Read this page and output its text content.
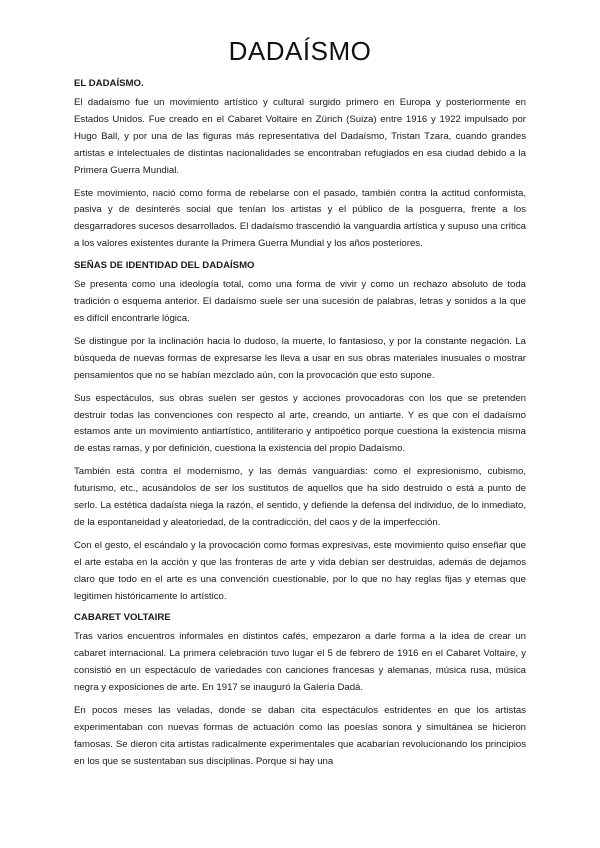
DADAÍSMO
EL DADAÍSMO.

El dadaísmo fue un movimiento artístico y cultural surgido primero en Europa y posteriormente en Estados Unidos. Fue creado en el Cabaret Voltaire en Zürich (Suiza) entre 1916 y 1922 impulsado por Hugo Ball, y por una de las figuras más representativa del Dadaísmo, Tristan Tzara, cuando grandes artistas e intelectuales de distintas nacionalidades se encontraban refugiados en esa ciudad debido a la Primera Guerra Mundial.

Este movimiento, nació como forma de rebelarse con el pasado, también contra la actitud conformista, pasiva y de desinterés social que tenían los artistas y el público de la posguerra, frente a los desgarradores sucesos desarrollados. El dadaísmo trascendió la vanguardia artística y supuso una crítica a los valores existentes durante la Primera Guerra Mundial y los años posteriores.

SEÑAS DE IDENTIDAD DEL DADAÍSMO

Se presenta como una ideología total, como una forma de vivir y como un rechazo absoluto de toda tradición o esquema anterior. El dadaísmo suele ser una sucesión de palabras, letras y sonidos a la que es difícil encontrarle lógica.

Se distingue por la inclinación hacia lo dudoso, la muerte, lo fantasioso, y por la constante negación. La búsqueda de nuevas formas de expresarse les lleva a usar en sus obras materiales inusuales o mostrar pensamientos que no se habían mezclado aún, con la provocación que esto supone.

Sus espectáculos, sus obras suelen ser gestos y acciones provocadoras con los que se pretenden destruir todas las convenciones con respecto al arte, creando, un antiarte. Y es que con el dadaísmo estamos ante un movimiento antiartístico, antiliterario y antipoético porque cuestiona la existencia misma de estas ramas, y por definición, cuestiona la existencia del propio Dadaísmo.

También está contra el modernismo, y las demás vanguardias: como el expresionismo, cubismo, futurismo, etc., acusándolos de ser los sustitutos de aquellos que ha sido destruido o está a punto de serlo. La estética dadaísta niega la razón, el sentido, y defiende la defensa del individuo, de lo inmediato, de la espontaneidad y aleatoriedad, de la contradicción, del caos y de la imperfección.

Con el gesto, el escándalo y la provocación como formas expresivas, este movimiento quiso enseñar que el arte estaba en la acción y que las fronteras de arte y vida debían ser destruidas, además de dejamos claro que todo en el arte es una convención cuestionable, por lo que no hay reglas fijas y eternas que legitimen históricamente lo artístico.

CABARET VOLTAIRE

Tras varios encuentros informales en distintos cafés, empezaron a darle forma a la idea de crear un cabaret internacional. La primera celebración tuvo lugar el 5 de febrero de 1916 en el Cabaret Voltaire, y consistió en un espectáculo de variedades con canciones francesas y alemanas, música rusa, música negra y exposiciones de arte. En 1917 se inauguró la Galería Dadá.

En pocos meses las veladas, donde se daban cita espectáculos estridentes en que los artistas experimentaban con nuevas formas de actuación como las poesías sonora y simultánea se hicieron famosas. Se dieron cita artistas radicalmente experimentales que acabarían revolucionando los principios en los que se sustentaban sus disciplinas. Porque si hay una
